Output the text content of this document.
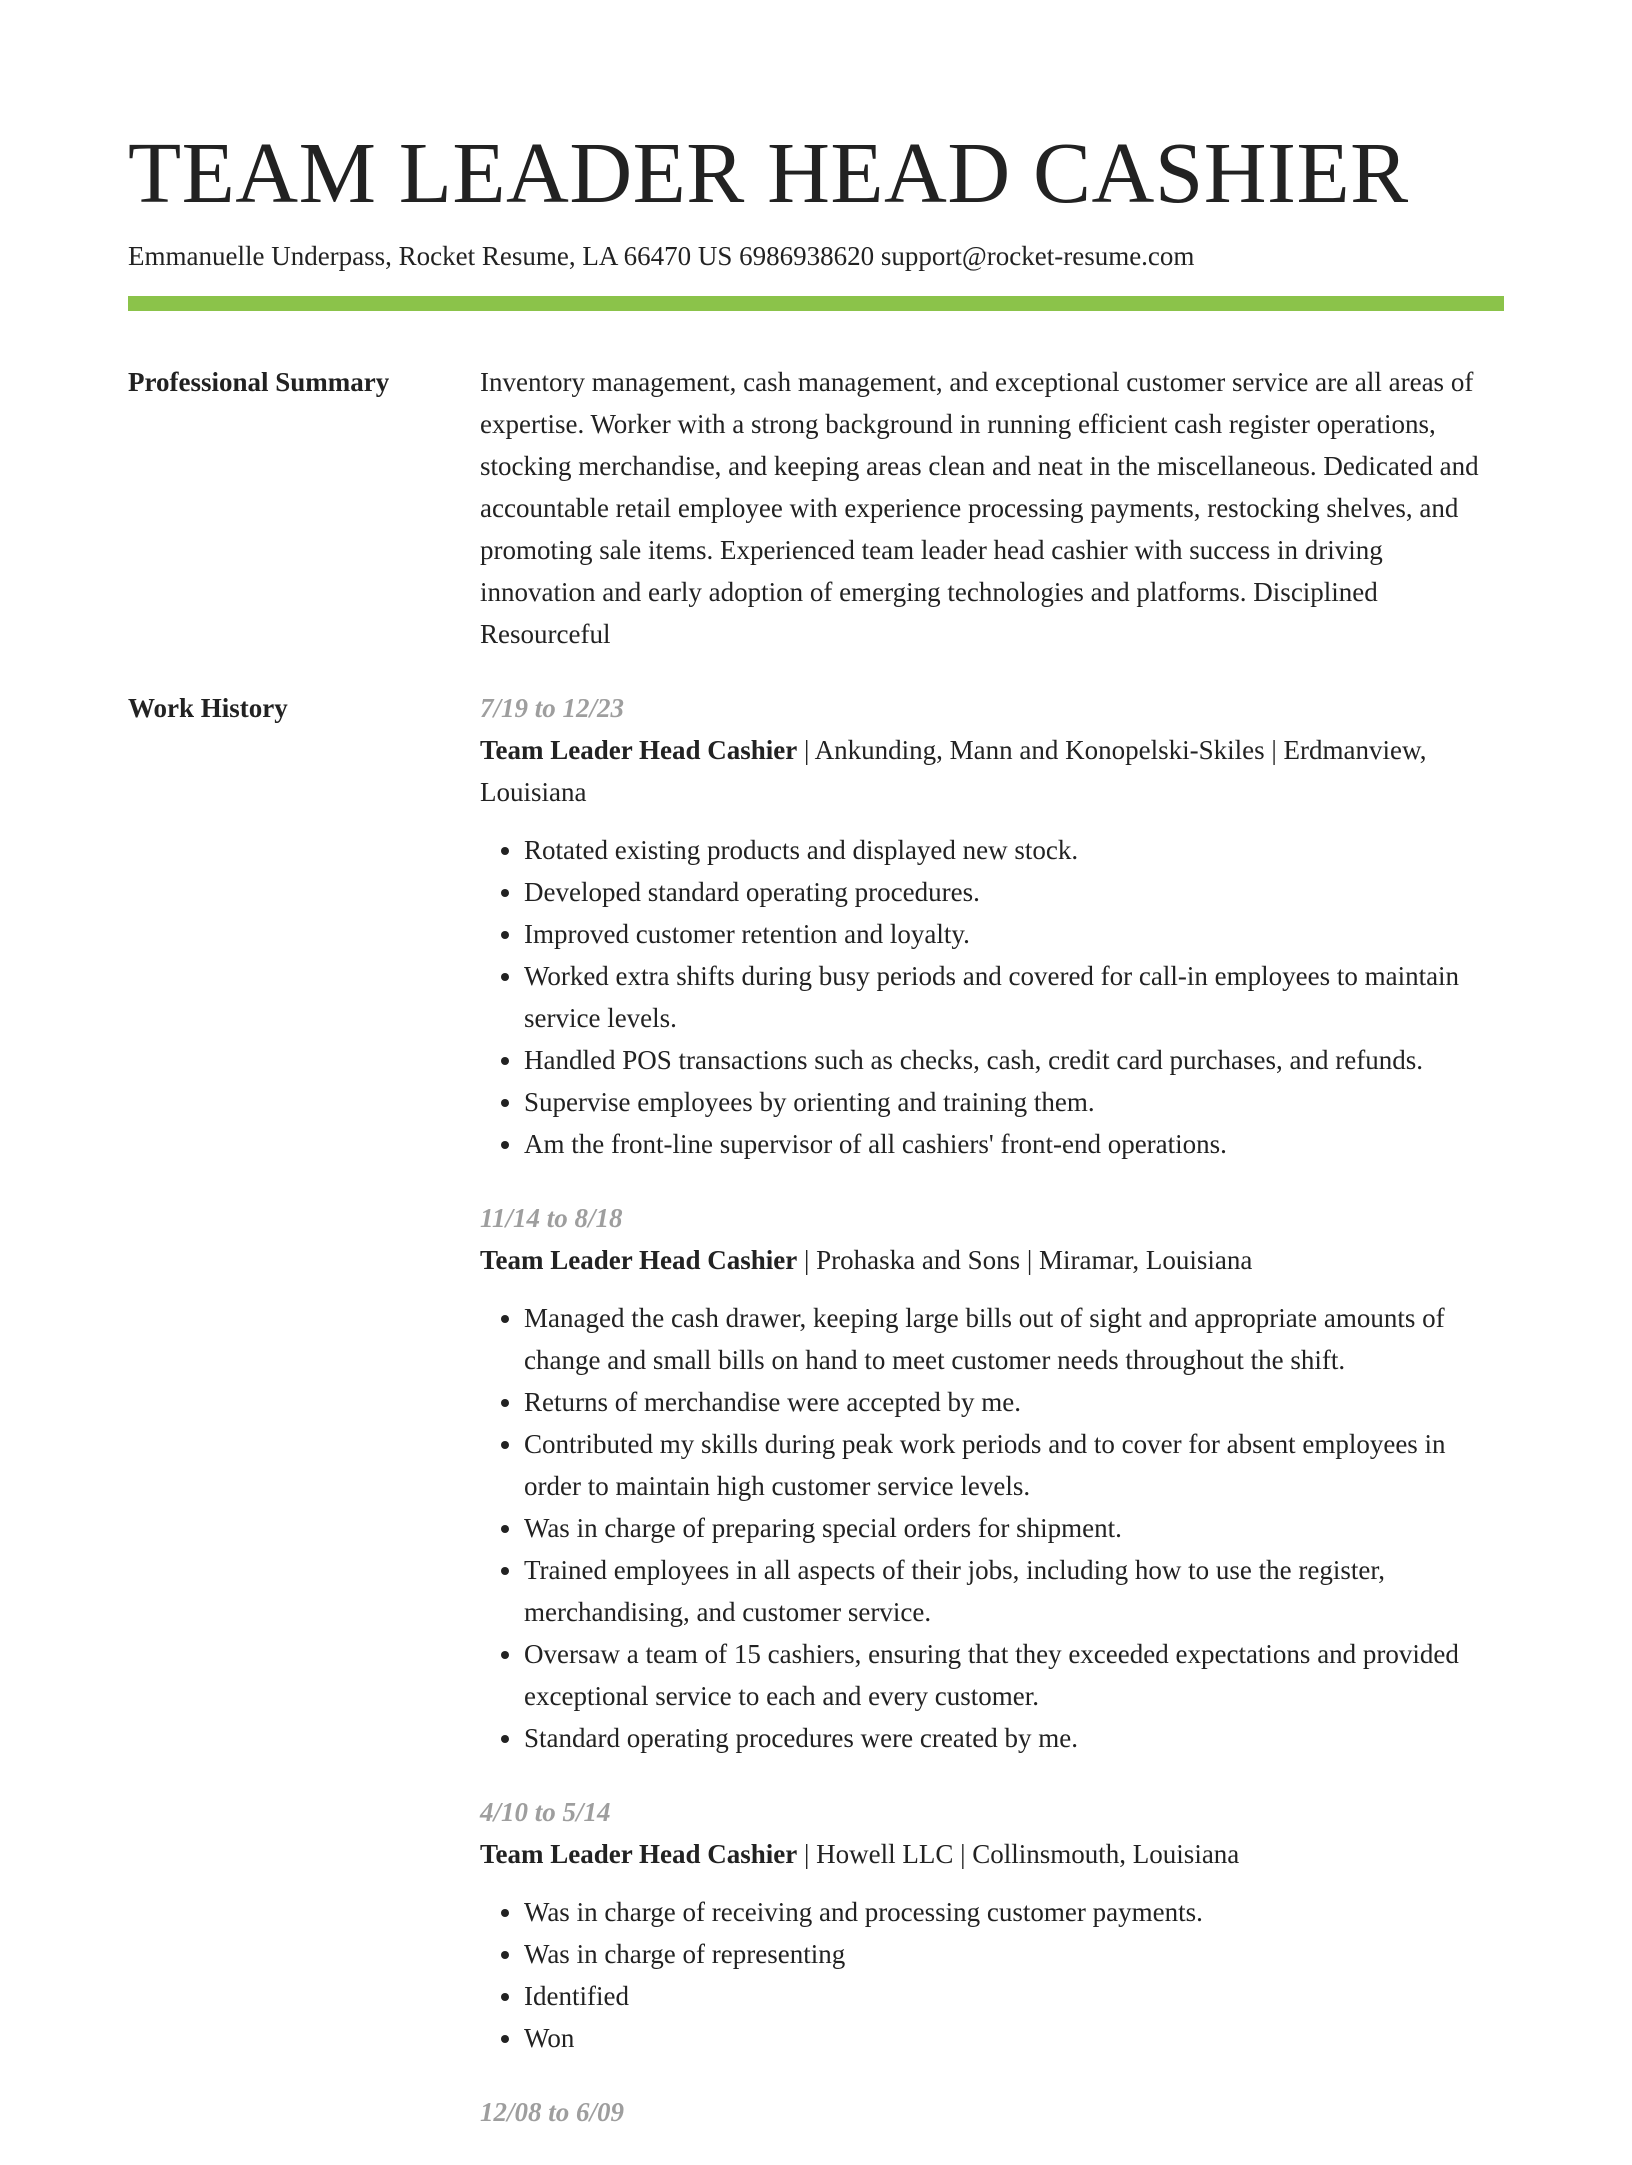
TEAM LEADER HEAD CASHIER
Emmanuelle Underpass, Rocket Resume, LA 66470 US 6986938620 support@rocket-resume.com
Professional Summary	Inventory management, cash management, and exceptional customer service are all areas of expertise. Worker with a strong background in running efficient cash register operations, stocking merchandise, and keeping areas clean and neat in the miscellaneous. Dedicated and accountable retail employee with experience processing payments, restocking shelves, and promoting sale items. Experienced team leader head cashier with success in driving innovation and early adoption of emerging technologies and platforms. Disciplined Resourceful

Work History	7/19 to 12/23
Team Leader Head Cashier | Ankunding, Mann and Konopelski-Skiles | Erdmanview, Louisiana
• Rotated existing products and displayed new stock.
• Developed standard operating procedures.
• Improved customer retention and loyalty.
• Worked extra shifts during busy periods and covered for call-in employees to maintain service levels.
• Handled POS transactions such as checks, cash, credit card purchases, and refunds.
• Supervise employees by orienting and training them.
• Am the front-line supervisor of all cashiers' front-end operations.
11/14 to 8/18
Team Leader Head Cashier | Prohaska and Sons | Miramar, Louisiana
• Managed the cash drawer, keeping large bills out of sight and appropriate amounts of change and small bills on hand to meet customer needs throughout the shift.
• Returns of merchandise were accepted by me.
• Contributed my skills during peak work periods and to cover for absent employees in order to maintain high customer service levels.
• Was in charge of preparing special orders for shipment.
• Trained employees in all aspects of their jobs, including how to use the register, merchandising, and customer service.
• Oversaw a team of 15 cashiers, ensuring that they exceeded expectations and provided exceptional service to each and every customer.
• Standard operating procedures were created by me.
4/10 to 5/14
Team Leader Head Cashier | Howell LLC | Collinsmouth, Louisiana
• Was in charge of receiving and processing customer payments.
• Was in charge of representing
• Identified
• Won
12/08 to 6/09
